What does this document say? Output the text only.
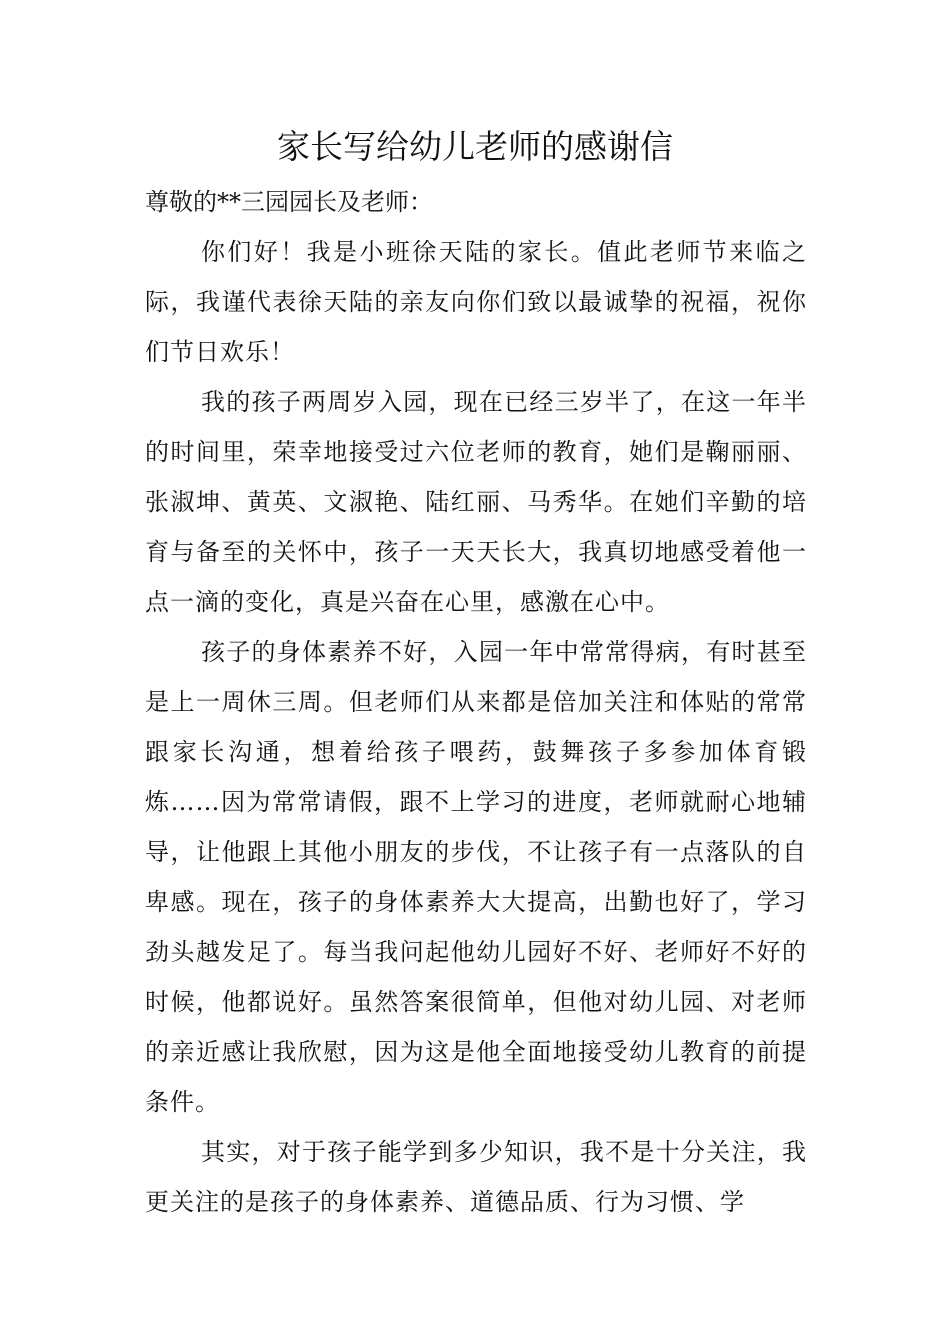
家长写给幼儿老师的感谢信

尊敬的**三园园长及老师：

你们好！我是小班徐天陆的家长。值此老师节来临之际，我谨代表徐天陆的亲友向你们致以最诚挚的祝福，祝你们节日欢乐！

我的孩子两周岁入园，现在已经三岁半了，在这一年半的时间里，荣幸地接受过六位老师的教育，她们是鞠丽丽、张淑坤、黄英、文淑艳、陆红丽、马秀华。在她们辛勤的培育与备至的关怀中，孩子一天天长大，我真切地感受着他一点一滴的变化，真是兴奋在心里，感激在心中。

孩子的身体素养不好，入园一年中常常得病，有时甚至是上一周休三周。但老师们从来都是倍加关注和体贴的常常跟家长沟通，想着给孩子喂药，鼓舞孩子多参加体育锻炼……因为常常请假，跟不上学习的进度，老师就耐心地辅导，让他跟上其他小朋友的步伐，不让孩子有一点落队的自卑感。现在，孩子的身体素养大大提高，出勤也好了，学习劲头越发足了。每当我问起他幼儿园好不好、老师好不好的时候，他都说好。虽然答案很简单，但他对幼儿园、对老师的亲近感让我欣慰，因为这是他全面地接受幼儿教育的前提条件。

其实，对于孩子能学到多少知识，我不是十分关注，我更关注的是孩子的身体素养、道德品质、行为习惯、学
